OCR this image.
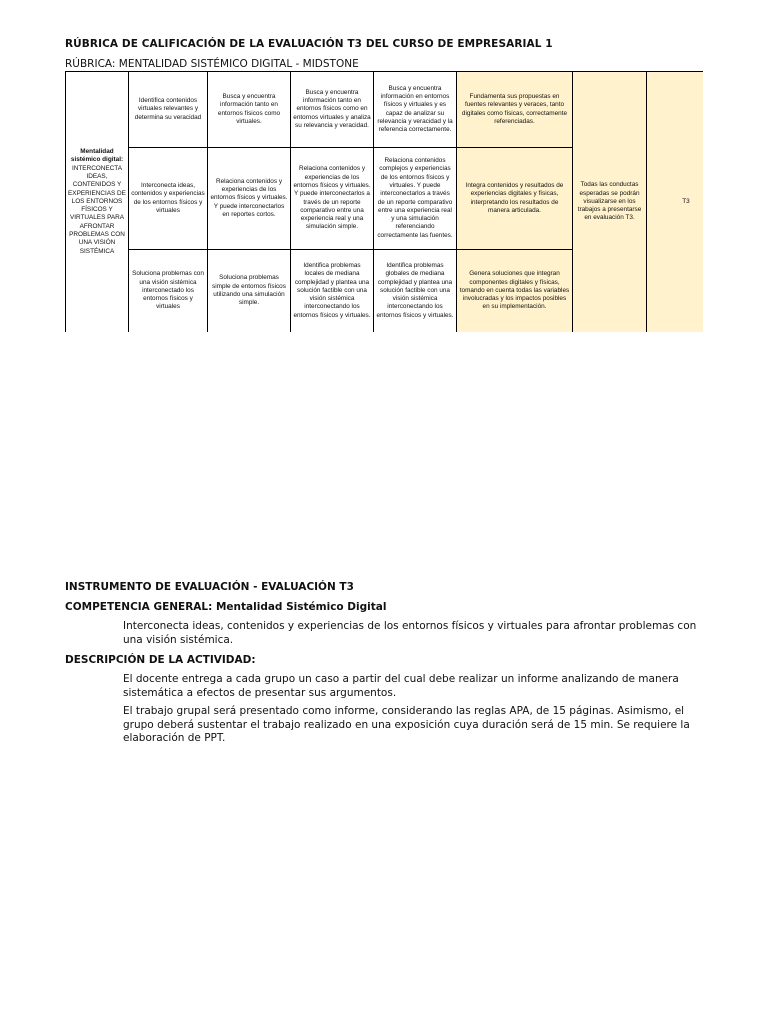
RÚBRICA DE CALIFICACIÓN DE LA EVALUACIÓN T3 DEL CURSO DE EMPRESARIAL 1
RÚBRICA: MENTALIDAD SISTÉMICO DIGITAL - MIDSTONE
Mentalidad sistémico digital:
INTERCONECTA IDEAS, CONTENIDOS Y EXPERIENCIAS DE LOS ENTORNOS FÍSICOS Y VIRTUALES PARA AFRONTAR PROBLEMAS CON UNA VISIÓN SISTÉMICA	Identifica contenidos virtuales relevantes y determina su veracidad	Busca y encuentra información tanto en entornos físicos como virtuales.	Busca y encuentra información tanto en entornos físicos como en entornos virtuales y analiza su relevancia y veracidad.	Busca y encuentra información en entornos físicos y virtuales y es capaz de analizar su relevancia y veracidad y la referencia correctamente.	Fundamenta sus propuestas en fuentes relevantes y veraces, tanto digitales como físicas, correctamente referenciadas.	Todas las conductas esperadas se podrán visualizarse en los trabajos a presentarse en evaluación T3.	T3
	Interconecta ideas, contenidos y experiencias de los entornos físicos y virtuales	Relaciona contenidos y experiencias de los entornos físicos y virtuales. Y puede interconectarlos en reportes cortos.	Relaciona contenidos y experiencias de los entornos físicos y virtuales. Y puede interconectarlos a través de un reporte comparativo entre una experiencia real y una simulación simple.	Relaciona contenidos complejos y experiencias de los entornos físicos y virtuales. Y puede interconectarlos a través de un reporte comparativo entre una experiencia real y una simulación referenciando correctamente las fuentes.	Integra contenidos y resultados de experiencias digitales y físicas, interpretando los resultados de manera articulada.		
	Soluciona problemas con una visión sistémica interconectado los entornos físicos y virtuales	Soluciona problemas simple de entornos físicos utilizando una simulación simple.	Identifica problemas locales de mediana complejidad y plantea una solución factible con una visión sistémica interconectando los entornos físicos y virtuales.	Identifica problemas globales de mediana complejidad y plantea una solución factible con una visión sistémica interconectando los entornos físicos y virtuales.	Genera soluciones que integran componentes digitales y físicas, tomando en cuenta todas las variables involucradas y los impactos posibles en su implementación.		
INSTRUMENTO DE EVALUACIÓN - EVALUACIÓN T3
COMPETENCIA GENERAL: Mentalidad Sistémico Digital
Interconecta ideas, contenidos y experiencias de los entornos físicos y virtuales para afrontar problemas con una visión sistémica.
DESCRIPCIÓN DE LA ACTIVIDAD:
El docente entrega a cada grupo un caso a partir del cual debe realizar un informe analizando de manera sistemática a efectos de presentar sus argumentos.
El trabajo grupal será presentado como informe, considerando las reglas APA, de 15 páginas. Asimismo, el grupo deberá sustentar el trabajo realizado en una exposición cuya duración será de 15 min. Se requiere la elaboración de PPT.
